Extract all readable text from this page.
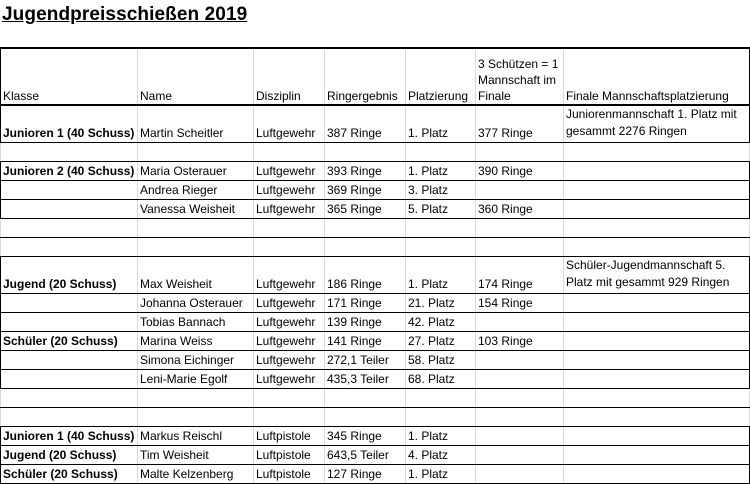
Jugendpreisschießen 2019
Klasse	Name	Disziplin	Ringergebnis	Platzierung	3 Schützen = 1 Mannschaft im Finale	Finale Mannschaftsplatzierung
Junioren 1 (40 Schuss)	Martin Scheitler	Luftgewehr	387 Ringe	1. Platz	377 Ringe	Juniorenmannschaft 1. Platz mit gesammt 2276 Ringen

Junioren 2 (40 Schuss)	Maria Osterauer	Luftgewehr	393 Ringe	1. Platz	390 Ringe	
	Andrea Rieger	Luftgewehr	369 Ringe	3. Platz		
	Vanessa Weisheit	Luftgewehr	365 Ringe	5. Platz	360 Ringe	

Jugend (20 Schuss)	Max Weisheit	Luftgewehr	186 Ringe	1. Platz	174 Ringe	Schüler-Jugendmannschaft 5. Platz mit gesammt 929 Ringen
	Johanna Osterauer	Luftgewehr	171 Ringe	21. Platz	154 Ringe	
	Tobias Bannach	Luftgewehr	139 Ringe	42. Platz		
Schüler (20 Schuss)	Marina Weiss	Luftgewehr	141 Ringe	27. Platz	103 Ringe	
	Simona Eichinger	Luftgewehr	272,1 Teiler	58. Platz		
	Leni-Marie Egolf	Luftgewehr	435,3 Teiler	68. Platz		

Junioren 1 (40 Schuss)	Markus Reischl	Luftpistole	345 Ringe	1. Platz		
Jugend (20 Schuss)	Tim Weisheit	Luftpistole	643,5 Teiler	4. Platz		
Schüler (20 Schuss)	Malte Kelzenberg	Luftpistole	127 Ringe	1. Platz		
